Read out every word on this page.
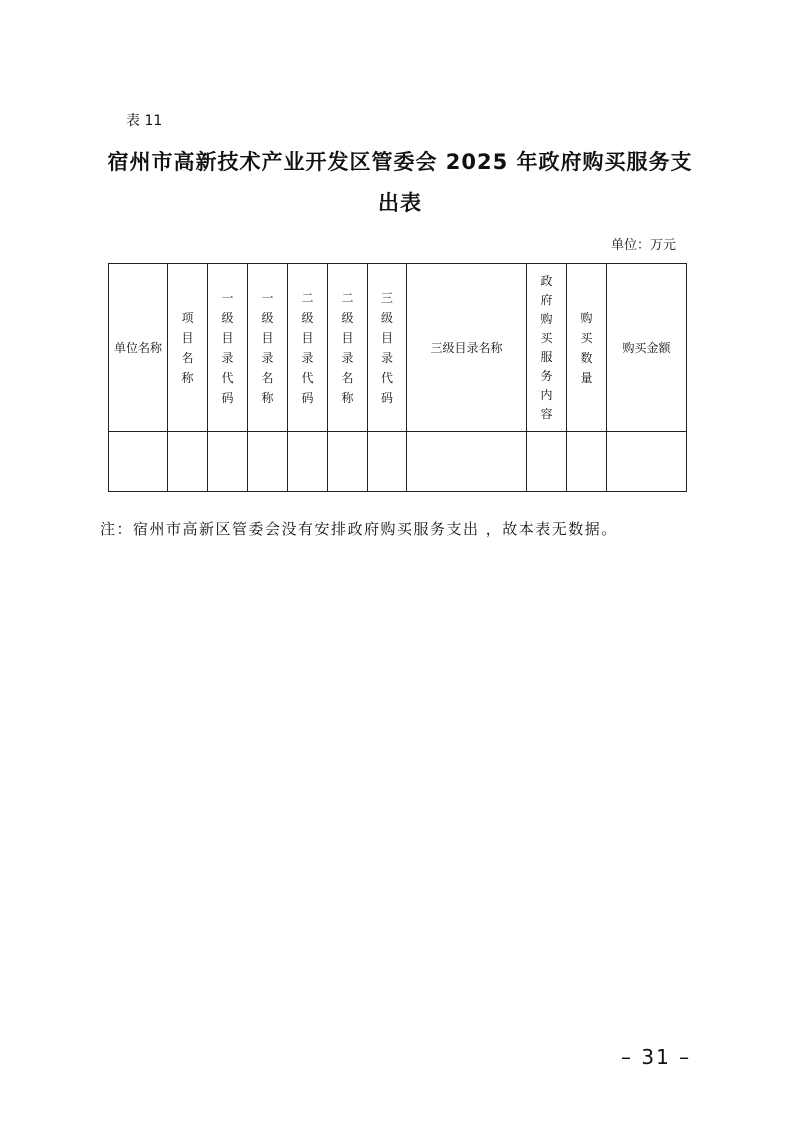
表 11
宿州市高新技术产业开发区管委会 2025 年政府购买服务支
出表
单位：万元
单位名称	项目名称	一级目录代码	一级目录名称	二级目录代码	二级目录名称	三级目录代码	三级目录名称	政府购买服务内容	购买数量	购买金额

注：宿州市高新区管委会没有安排政府购买服务支出 ，故本表无数据。
– 31 –
